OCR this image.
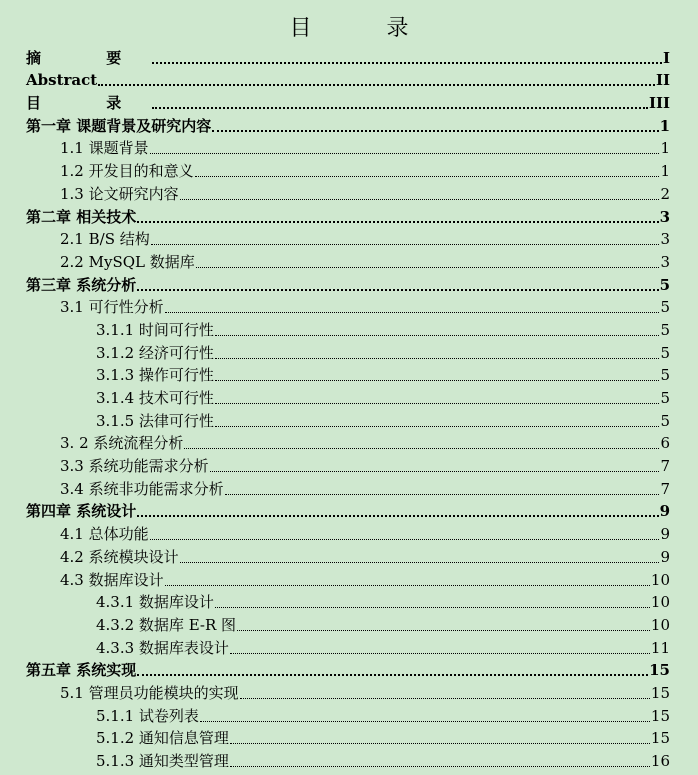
目 录
摘 要	I
Abstract	II
目 录	III
第一章 课题背景及研究内容	1
1.1 课题背景	1
1.2 开发目的和意义	1
1.3 论文研究内容	2
第二章 相关技术	3
2.1 B/S 结构	3
2.2 MySQL 数据库	3
第三章 系统分析	5
3.1 可行性分析	5
3.1.1 时间可行性	5
3.1.2 经济可行性	5
3.1.3 操作可行性	5
3.1.4 技术可行性	5
3.1.5 法律可行性	5
3. 2 系统流程分析	6
3.3 系统功能需求分析	7
3.4 系统非功能需求分析	7
第四章 系统设计	9
4.1 总体功能	9
4.2 系统模块设计	9
4.3 数据库设计	10
4.3.1 数据库设计	10
4.3.2 数据库 E-R 图	10
4.3.3 数据库表设计	11
第五章 系统实现	15
5.1 管理员功能模块的实现	15
5.1.1 试卷列表	15
5.1.2 通知信息管理	15
5.1.3 通知类型管理	16
